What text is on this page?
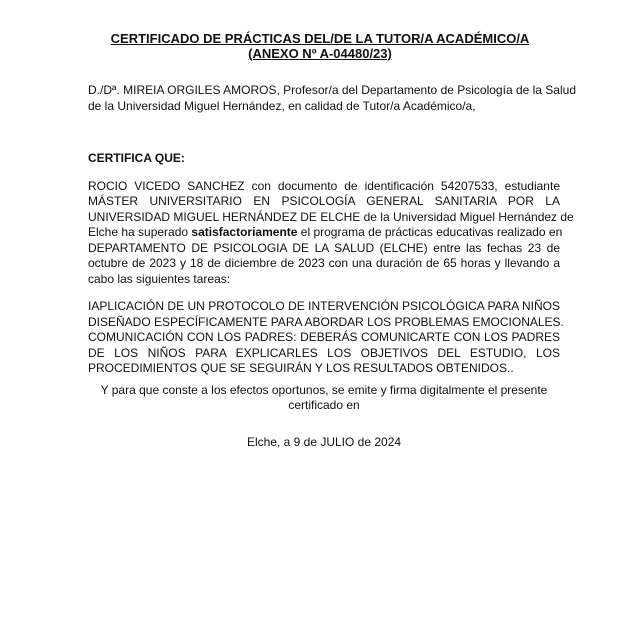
CERTIFICADO DE PRÁCTICAS DEL/DE LA TUTOR/A ACADÉMICO/A
(ANEXO Nº A-04480/23)
D./Dª. MIREIA ORGILES AMOROS, Profesor/a del Departamento de Psicología de la Salud
de la Universidad Miguel Hernández, en calidad de Tutor/a Académico/a,
CERTIFICA QUE:
ROCIO VICEDO SANCHEZ con documento de identificación 54207533, estudiante
MÁSTER UNIVERSITARIO EN PSICOLOGÍA GENERAL SANITARIA POR LA
UNIVERSIDAD MIGUEL HERNÁNDEZ DE ELCHE de la Universidad Miguel Hernández de
Elche ha superado satisfactoriamente el programa de prácticas educativas realizado en
DEPARTAMENTO DE PSICOLOGIA DE LA SALUD (ELCHE) entre las fechas 23 de
octubre de 2023 y 18 de diciembre de 2023 con una duración de 65 horas y llevando a
cabo las siguientes tareas:
IAPLICACIÓN DE UN PROTOCOLO DE INTERVENCIÓN PSICOLÓGICA PARA NIÑOS
DISEÑADO ESPECÍFICAMENTE PARA ABORDAR LOS PROBLEMAS EMOCIONALES.
COMUNICACIÓN CON LOS PADRES: DEBERÁS COMUNICARTE CON LOS PADRES
DE LOS NIÑOS PARA EXPLICARLES LOS OBJETIVOS DEL ESTUDIO, LOS
PROCEDIMIENTOS QUE SE SEGUIRÁN Y LOS RESULTADOS OBTENIDOS..
Y para que conste a los efectos oportunos, se emite y firma digitalmente el presente
certificado en
Elche, a 9 de JULIO de 2024
